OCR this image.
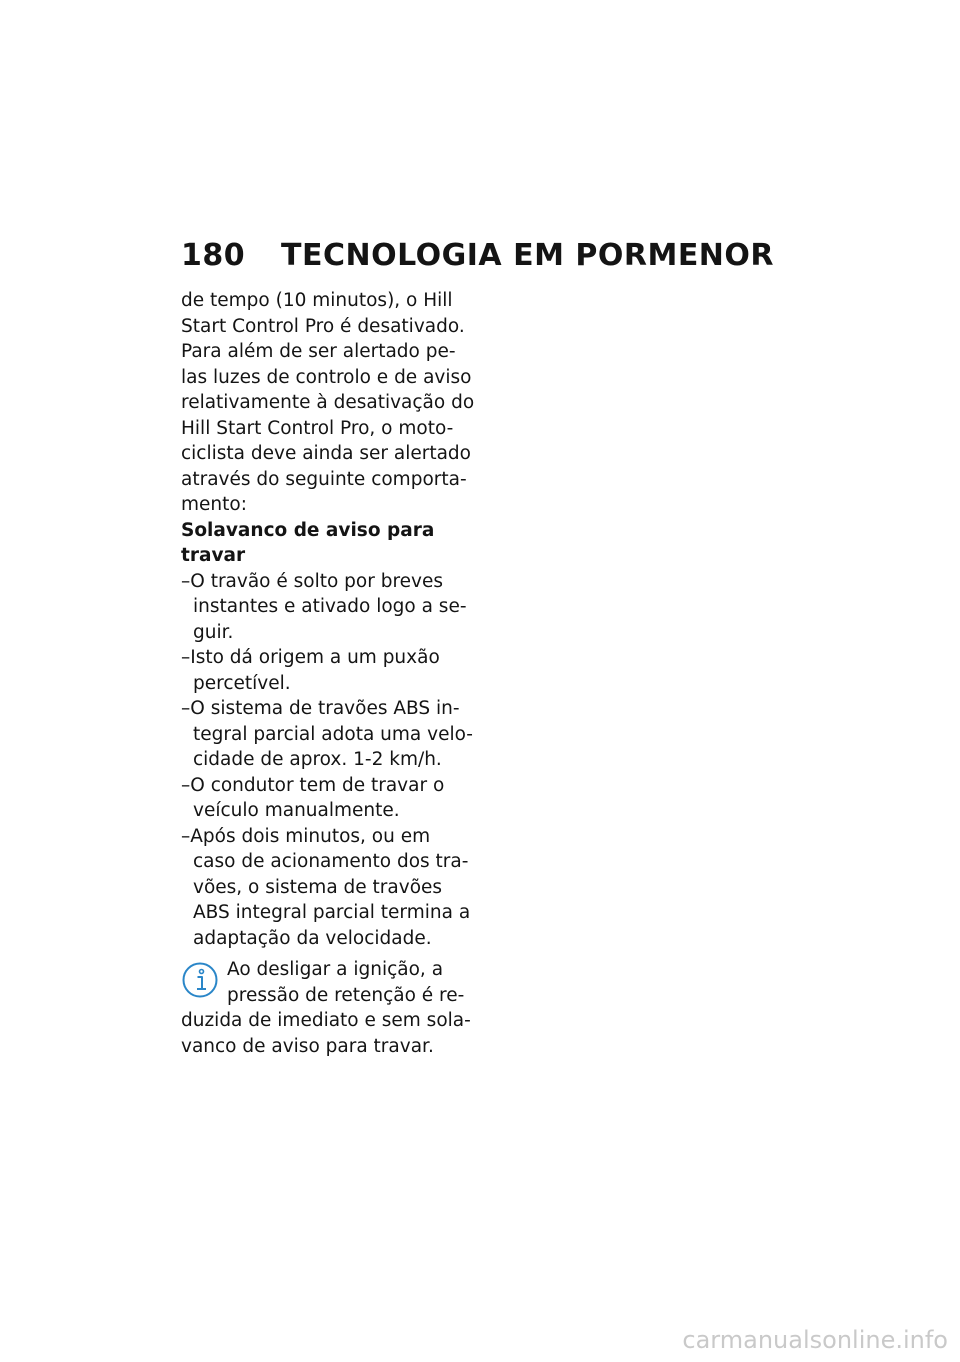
180 TECNOLOGIA EM PORMENOR

de tempo (10 minutos), o Hill
Start Control Pro é desativado.

Para além de ser alertado pe-
las luzes de controlo e de aviso
relativamente à desativação do
Hill Start Control Pro, o moto-
ciclista deve ainda ser alertado
através do seguinte comporta-
mento:

Solavanco de aviso para
travar

–O travão é solto por breves
instantes e ativado logo a se-
guir.

–Isto dá origem a um puxão
percetível.

–O sistema de travões ABS in-
tegral parcial adota uma velo-
cidade de aprox. 1-2 km/h.

–O condutor tem de travar o
veículo manualmente.

–Após dois minutos, ou em
caso de acionamento dos tra-
vões, o sistema de travões
ABS integral parcial termina a
adaptação da velocidade.

Ao desligar a ignição, a
pressão de retenção é re-
duzida de imediato e sem sola-
vanco de aviso para travar.
carmanualsonline.info
